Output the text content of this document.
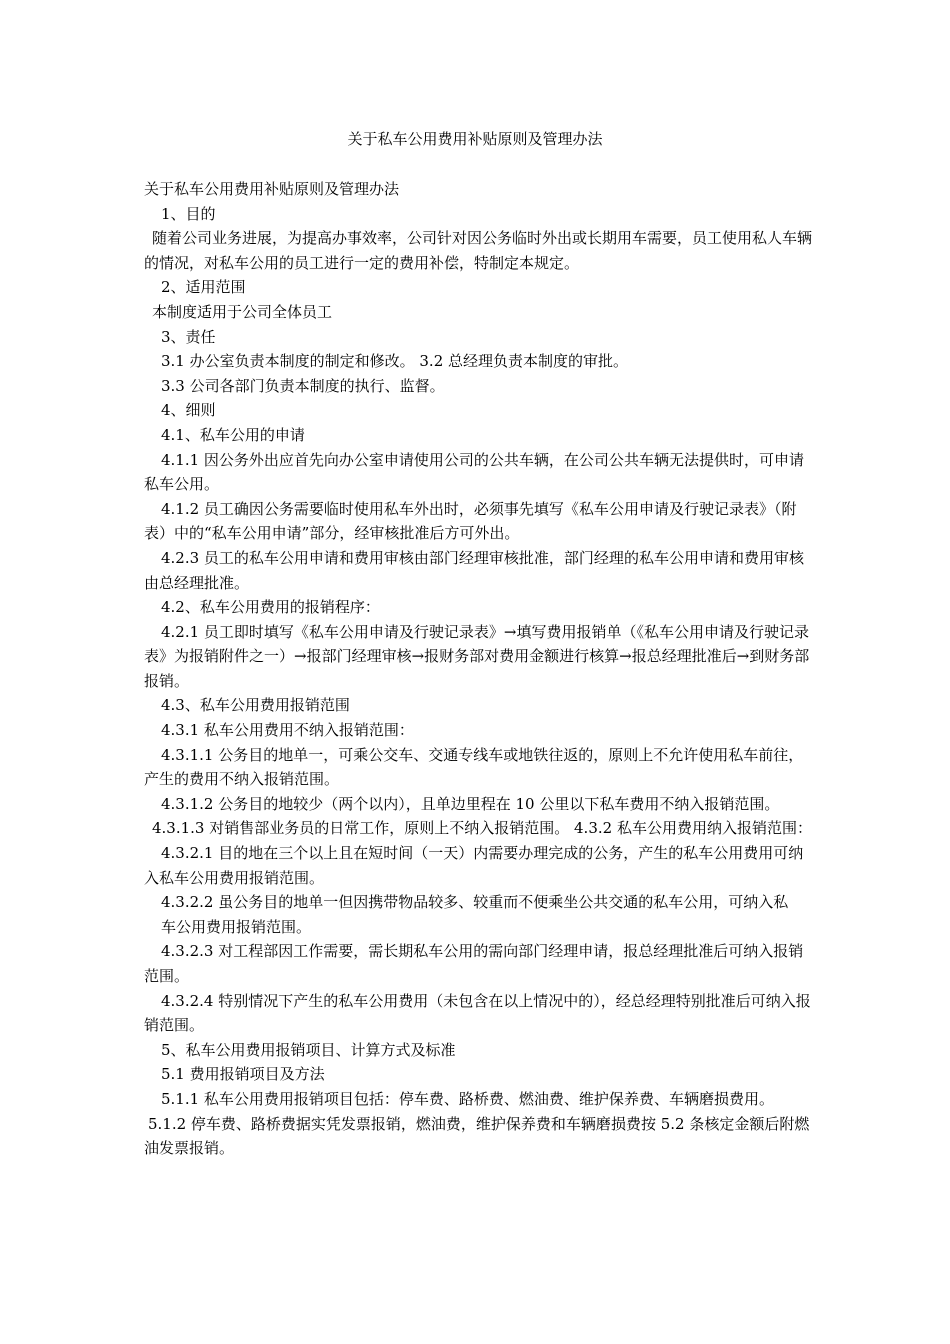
关于私车公用费用补贴原则及管理办法

关于私车公用费用补贴原则及管理办法

1、目的

随着公司业务进展，为提高办事效率，公司针对因公务临时外出或长期用车需要，员工使用私人车辆的情况，对私车公用的员工进行一定的费用补偿，特制定本规定。

2、适用范围

本制度适用于公司全体员工

3、责任

3.1 办公室负责本制度的制定和修改。 3.2 总经理负责本制度的审批。

3.3 公司各部门负责本制度的执行、监督。

4、细则

4.1、私车公用的申请

4.1.1 因公务外出应首先向办公室申请使用公司的公共车辆，在公司公共车辆无法提供时，可申请私车公用。

4.1.2 员工确因公务需要临时使用私车外出时，必须事先填写《私车公用申请及行驶记录表》（附表）中的“私车公用申请”部分，经审核批准后方可外出。

4.2.3 员工的私车公用申请和费用审核由部门经理审核批准，部门经理的私车公用申请和费用审核由总经理批准。

4.2、私车公用费用的报销程序：

4.2.1 员工即时填写《私车公用申请及行驶记录表》→填写费用报销单（《私车公用申请及行驶记录表》为报销附件之一）→报部门经理审核→报财务部对费用金额进行核算→报总经理批准后→到财务部报销。

4.3、私车公用费用报销范围

4.3.1 私车公用费用不纳入报销范围：

4.3.1.1 公务目的地单一，可乘公交车、交通专线车或地铁往返的，原则上不允许使用私车前往，产生的费用不纳入报销范围。

4.3.1.2 公务目的地较少（两个以内），且单边里程在 10 公里以下私车费用不纳入报销范围。

4.3.1.3 对销售部业务员的日常工作，原则上不纳入报销范围。 4.3.2 私车公用费用纳入报销范围：

4.3.2.1 目的地在三个以上且在短时间（一天）内需要办理完成的公务，产生的私车公用费用可纳入私车公用费用报销范围。

4.3.2.2 虽公务目的地单一但因携带物品较多、较重而不便乘坐公共交通的私车公用，可纳入私

车公用费用报销范围。

4.3.2.3 对工程部因工作需要，需长期私车公用的需向部门经理申请，报总经理批准后可纳入报销范围。

4.3.2.4 特别情况下产生的私车公用费用（未包含在以上情况中的），经总经理特别批准后可纳入报销范围。

5、私车公用费用报销项目、计算方式及标准

5.1 费用报销项目及方法

5.1.1 私车公用费用报销项目包括：停车费、路桥费、燃油费、维护保养费、车辆磨损费用。

5.1.2 停车费、路桥费据实凭发票报销，燃油费，维护保养费和车辆磨损费按 5.2 条核定金额后附燃油发票报销。
